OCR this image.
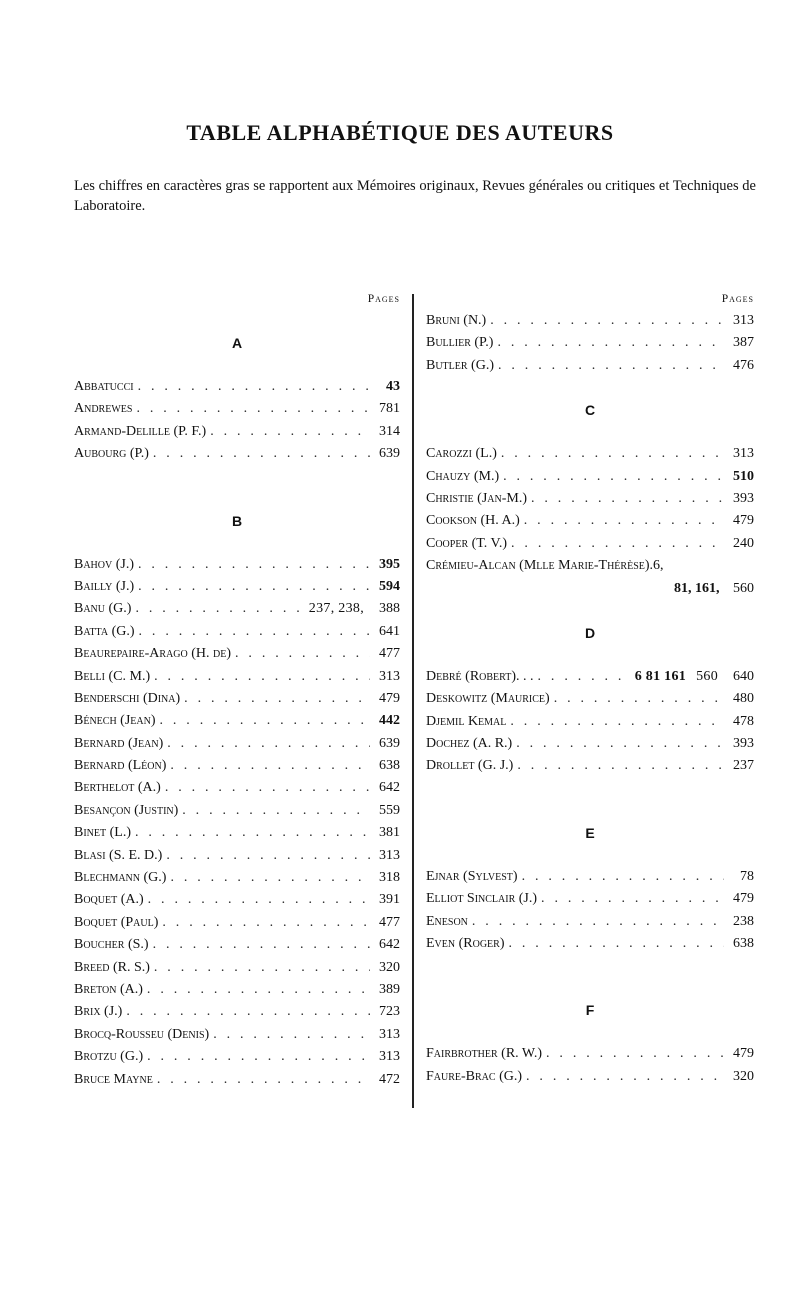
TABLE ALPHABÉTIQUE DES AUTEURS
Les chiffres en caractères gras se rapportent aux Mémoires originaux, Revues générales ou critiques et Techniques de Laboratoire.
Pages
A
Abbatucci . . .	43
Andrewes . . .	781
Armand-Delille (P. F.) . . .	314
Aubourg (P.) . . .	639
B
Bahov (J.) . . .	395
Bailly (J.) . . .	594
Banu (G.) . . .	237, 238,	388
Batta (G.) . . .	641
Beaurepaire-Arago (H. de) . . .	477
Belli (C. M.) . . .	313
Benderschi (Dina) . . .	479
Bénech (Jean) . . .	442
Bernard (Jean) . . .	639
Bernard (Léon) . . .	638
Berthelot (A.) . . .	642
Besançon (Justin) . . .	559
Binet (L.) . . .	381
Blasi (S. E. D.) . . .	313
Blechmann (G.) . . .	318
Boquet (A.) . . .	391
Boquet (Paul) . . .	477
Boucher (S.) . . .	642
Breed (R. S.) . . .	320
Breton (A.) . . .	389
Brix (J.) . . .	723
Brocq-Rousseu (Denis) . . .	313
Brotzu (G.) . . .	313
Bruce Mayne . . .	472
Pages
Bruni (N.) . . .	313
Bullier (P.) . . .	387
Butler (G.) . . .	476
C
Carozzi (L.) . . .	313
Chauzy (M.) . . .	510
Christie (Jan-M.) . . .	393
Cookson (H. A.) . . .	479
Cooper (T. V.) . . .	240
Crémieu-Alcan (Mlle Marie-Thérèse).6,
81, 161, 560
D
Debré (Robert). . . . . .	6 81 161 560	640
Deskowitz (Maurice) . . .	480
Djemil Kemal . . .	478
Dochez (A. R.) . . .	393
Drollet (G. J.) . . .	237
E
Ejnar (Sylvest) . . .	78
Elliot Sinclair (J.) . . .	479
Eneson . . .	238
Even (Roger) . . .	638
F
Fairbrother (R. W.) . . .	479
Faure-Brac (G.) . . .	320
